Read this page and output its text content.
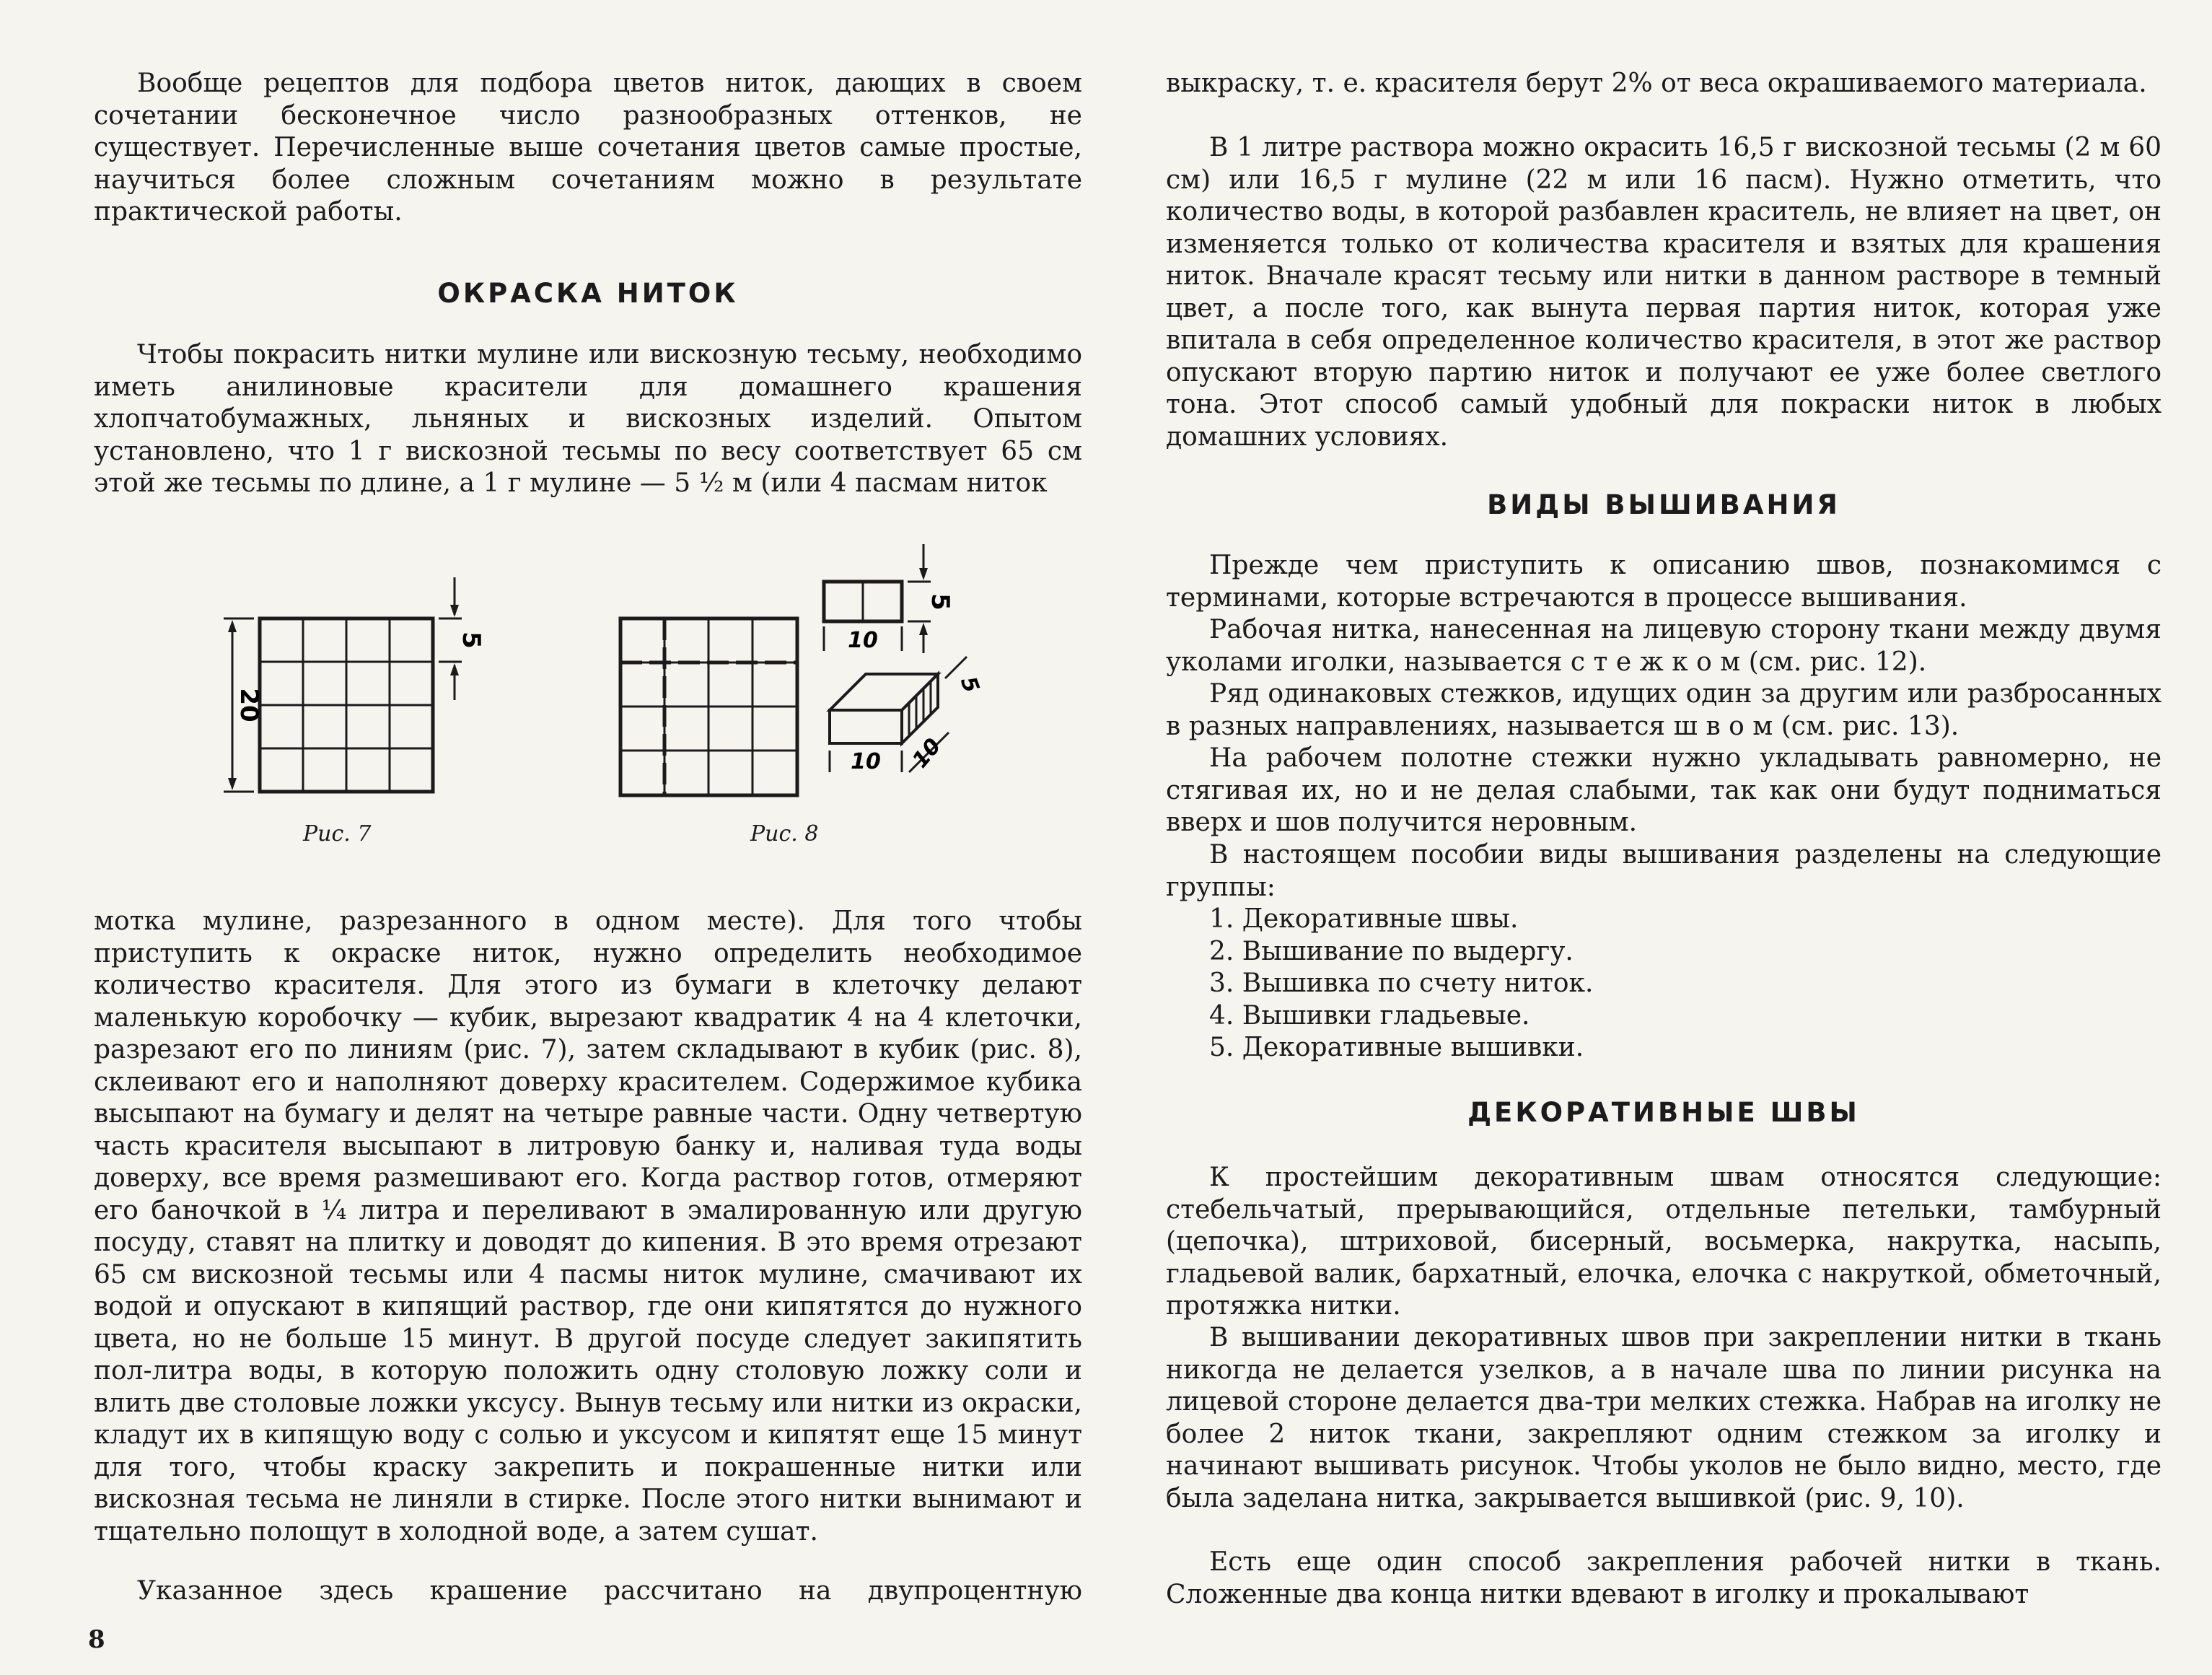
Вообще рецептов для подбора цветов ниток, дающих в своем сочетании бесконечное число разнообразных оттенков, не существует. Перечисленные выше сочетания цветов самые простые, научиться более сложным сочетаниям можно в результате практической работы.

ОКРАСКА НИТОК

Чтобы покрасить нитки мулине или вискозную тесьму, необходимо иметь анилиновые красители для домашнего крашения хлопчатобумажных, льняных и вискозных изделий. Опытом установлено, что 1 г вискозной тесьмы по весу соответствует 65 см этой же тесьмы по длине, а 1 г мулине — 5 ½ м (или 4 пасмам ниток

20
5
Рис. 7
5
10
5
10 10
Рис. 8

мотка мулине, разрезанного в одном месте). Для того чтобы приступить к окраске ниток, нужно определить необходимое количество красителя. Для этого из бумаги в клеточку делают маленькую коробочку — кубик, вырезают квадратик 4 на 4 клеточки, разрезают его по линиям (рис. 7), затем складывают в кубик (рис. 8), склеивают его и наполняют доверху красителем. Содержимое кубика высыпают на бумагу и делят на четыре равные части. Одну четвертую часть красителя высыпают в литровую банку и, наливая туда воды доверху, все время размешивают его. Когда раствор готов, отмеряют его баночкой в ¼ литра и переливают в эмалированную или другую посуду, ставят на плитку и доводят до кипения. В это время отрезают 65 см вискозной тесьмы или 4 пасмы ниток мулине, смачивают их водой и опускают в кипящий раствор, где они кипятятся до нужного цвета, но не больше 15 минут. В другой посуде следует закипятить пол-литра воды, в которую положить одну столовую ложку соли и влить две столовые ложки уксусу. Вынув тесьму или нитки из окраски, кладут их в кипящую воду с солью и уксусом и кипятят еще 15 минут для того, чтобы краску закрепить и покрашенные нитки или вискозная тесьма не линяли в стирке. После этого нитки вынимают и тщательно полощут в холодной воде, а затем сушат.

Указанное здесь крашение рассчитано на двупроцентную

8

выкраску, т. е. красителя берут 2% от веса окрашиваемого материала.

В 1 литре раствора можно окрасить 16,5 г вискозной тесьмы (2 м 60 см) или 16,5 г мулине (22 м или 16 пасм). Нужно отметить, что количество воды, в которой разбавлен краситель, не влияет на цвет, он изменяется только от количества красителя и взятых для крашения ниток. Вначале красят тесьму или нитки в данном растворе в темный цвет, а после того, как вынута первая партия ниток, которая уже впитала в себя определенное количество красителя, в этот же раствор опускают вторую партию ниток и получают ее уже более светлого тона. Этот способ самый удобный для покраски ниток в любых домашних условиях.

ВИДЫ ВЫШИВАНИЯ

Прежде чем приступить к описанию швов, познакомимся с терминами, которые встречаются в процессе вышивания.

Рабочая нитка, нанесенная на лицевую сторону ткани между двумя уколами иголки, называется с т е ж к о м (см. рис. 12).

Ряд одинаковых стежков, идущих один за другим или разбросанных в разных направлениях, называется ш в о м (см. рис. 13).

На рабочем полотне стежки нужно укладывать равномерно, не стягивая их, но и не делая слабыми, так как они будут подниматься вверх и шов получится неровным.

В настоящем пособии виды вышивания разделены на следующие группы:

1. Декоративные швы.
2. Вышивание по выдергу.
3. Вышивка по счету ниток.
4. Вышивки гладьевые.
5. Декоративные вышивки.
ДЕКОРАТИВНЫЕ ШВЫ

К простейшим декоративным швам относятся следующие: стебельчатый, прерывающийся, отдельные петельки, тамбурный (цепочка), штриховой, бисерный, восьмерка, накрутка, насыпь, гладьевой валик, бархатный, елочка, елочка с накруткой, обметочный, протяжка нитки.

В вышивании декоративных швов при закреплении нитки в ткань никогда не делается узелков, а в начале шва по линии рисунка на лицевой стороне делается два-три мелких стежка. Набрав на иголку не более 2 ниток ткани, закрепляют одним стежком за иголку и начинают вышивать рисунок. Чтобы уколов не было видно, место, где была заделана нитка, закрывается вышивкой (рис. 9, 10).

Есть еще один способ закрепления рабочей нитки в ткань. Сложенные два конца нитки вдевают в иголку и прокалывают
